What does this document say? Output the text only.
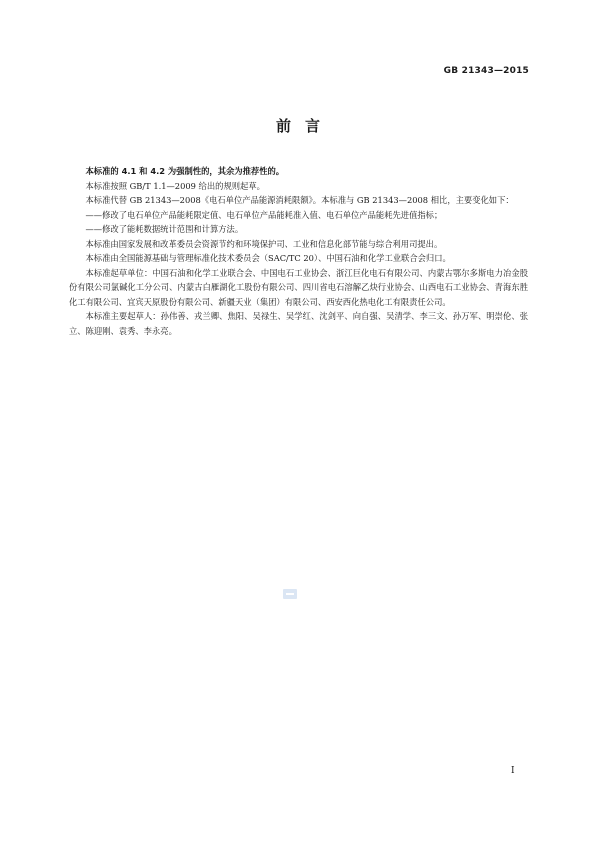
GB 21343—2015
前言

本标准的 4.1 和 4.2 为强制性的，其余为推荐性的。

本标准按照 GB/T 1.1—2009 给出的规则起草。

本标准代替 GB 21343—2008《电石单位产品能源消耗限额》。本标准与 GB 21343—2008 相比，主要变化如下：

——修改了电石单位产品能耗限定值、电石单位产品能耗准入值、电石单位产品能耗先进值指标；

——修改了能耗数据统计范围和计算方法。

本标准由国家发展和改革委员会资源节约和环境保护司、工业和信息化部节能与综合利用司提出。

本标准由全国能源基础与管理标准化技术委员会（SAC/TC 20）、中国石油和化学工业联合会归口。

本标准起草单位：中国石油和化学工业联合会、中国电石工业协会、浙江巨化电石有限公司、内蒙古鄂尔多斯电力冶金股份有限公司氯碱化工分公司、内蒙古白雁湖化工股份有限公司、四川省电石溶解乙炔行业协会、山西电石工业协会、青海东胜化工有限公司、宜宾天原股份有限公司、新疆天业（集团）有限公司、西安西化热电化工有限责任公司。

本标准主要起草人：孙伟善、戎兰卿、焦阳、吴禄生、吴学红、沈剑平、向自强、吴清学、李三文、孙万军、明崇伦、张立、陈迎刚、袁秀、李永亮。

I
